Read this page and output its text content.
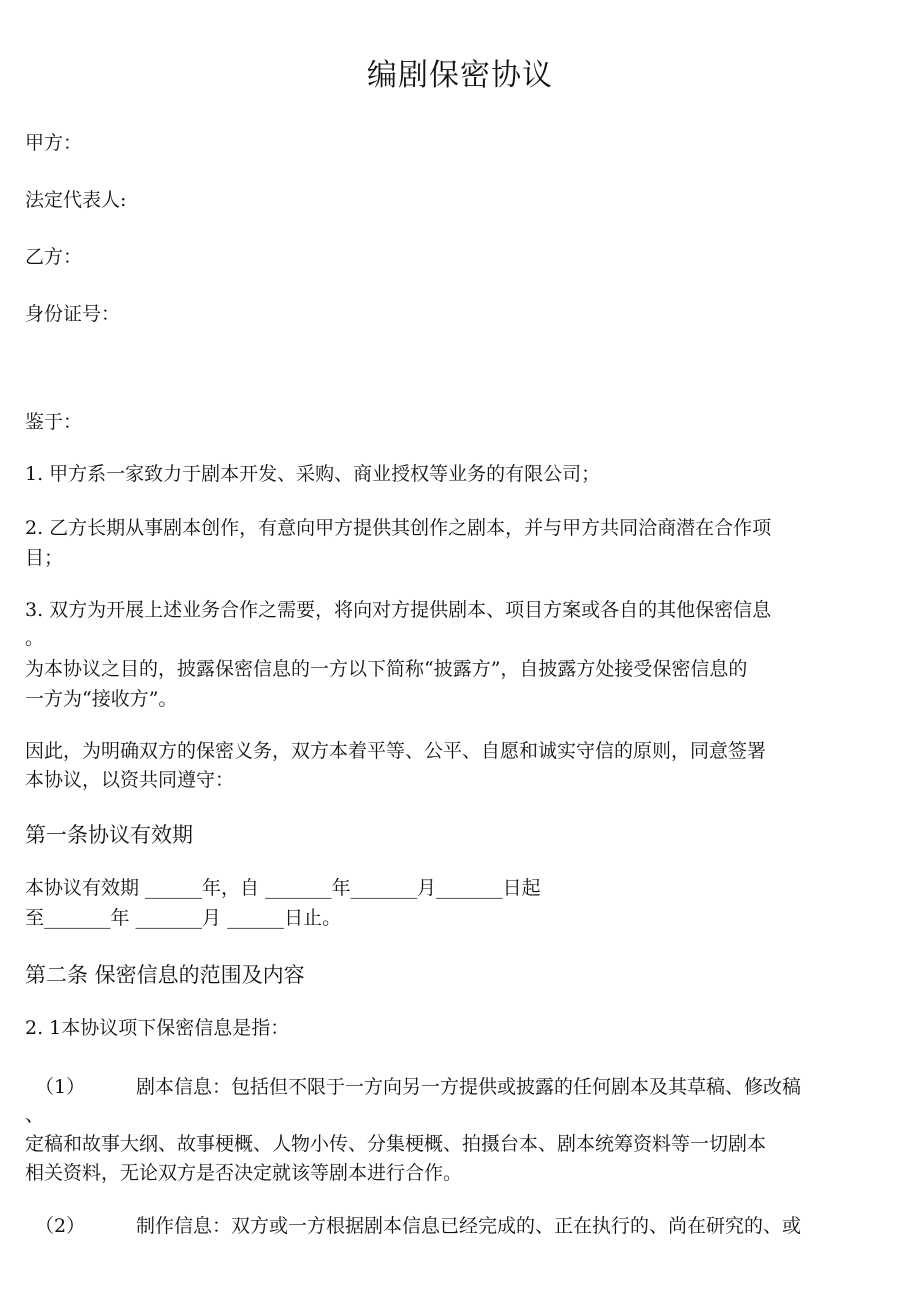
编剧保密协议
甲方：
法定代表人:
乙方：
身份证号：
鉴于：
1. 甲方系一家致力于剧本开发、采购、商业授权等业务的有限公司；
2. 乙方长期从事剧本创作，有意向甲方提供其创作之剧本，并与甲方共同洽商潜在合作项
目；
3. 双方为开展上述业务合作之需要，将向对方提供剧本、项目方案或各自的其他保密信息
。
为本协议之目的，披露保密信息的一方以下简称“披露方”，自披露方处接受保密信息的
一方为“接收方”。
因此，为明确双方的保密义务，双方本着平等、公平、自愿和诚实守信的原则，同意签署
本协议，以资共同遵守：
第一条协议有效期
本协议有效期 ______年，自 _______年_______月_______日起
至_______年 _______月 ______日止。
第二条 保密信息的范围及内容
2. 1本协议项下保密信息是指：
（1）	剧本信息：包括但不限于一方向另一方提供或披露的任何剧本及其草稿、修改稿
、
定稿和故事大纲、故事梗概、人物小传、分集梗概、拍摄台本、剧本统筹资料等一切剧本
相关资料，无论双方是否决定就该等剧本进行合作。
（2）	制作信息：双方或一方根据剧本信息已经完成的、正在执行的、尚在研究的、或
